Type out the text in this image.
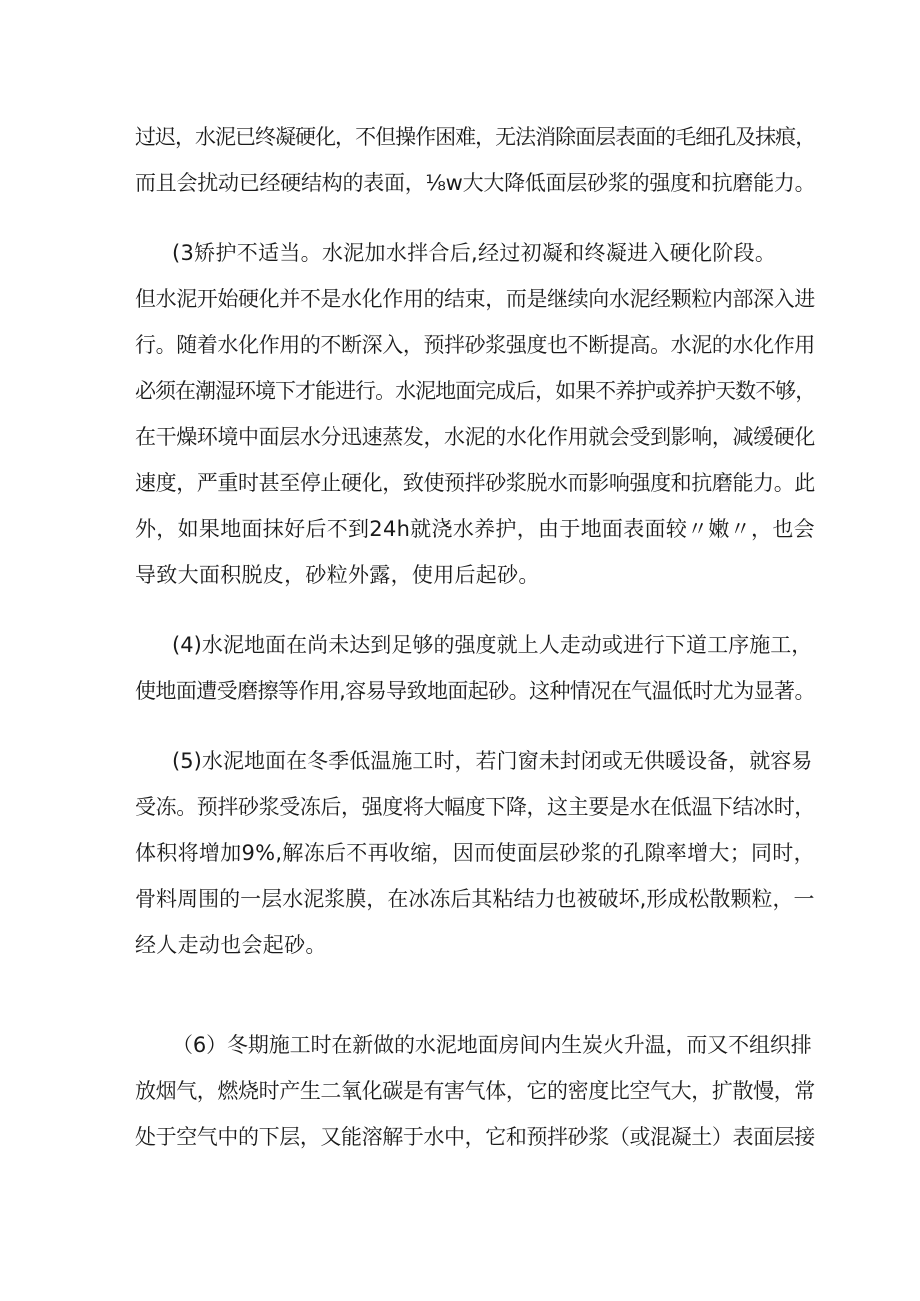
过迟，水泥已终凝硬化，不但操作困难，无法消除面层表面的毛细孔及抹痕，
而且会扰动已经硬结构的表面，⅛w大大降低面层砂浆的强度和抗磨能力。
(3矫护不适当。水泥加水拌合后,经过初凝和终凝进入硬化阶段。
但水泥开始硬化并不是水化作用的结束，而是继续向水泥经颗粒内部深入进
行。随着水化作用的不断深入，预拌砂浆强度也不断提高。水泥的水化作用
必须在潮湿环境下才能进行。水泥地面完成后，如果不养护或养护天数不够，
在干燥环境中面层水分迅速蒸发，水泥的水化作用就会受到影响，减缓硬化
速度，严重时甚至停止硬化，致使预拌砂浆脱水而影响强度和抗磨能力。此
外，如果地面抹好后不到24h就浇水养护，由于地面表面较〃嫩〃，也会
导致大面积脱皮，砂粒外露，使用后起砂。
(4)水泥地面在尚未达到足够的强度就上人走动或进行下道工序施工，
使地面遭受磨擦等作用,容易导致地面起砂。这种情况在气温低时尤为显著。
(5)水泥地面在冬季低温施工时，若门窗未封闭或无供暖设备，就容易
受冻。预拌砂浆受冻后，强度将大幅度下降，这主要是水在低温下结冰时，
体积将增加9%,解冻后不再收缩，因而使面层砂浆的孔隙率增大；同时，
骨料周围的一层水泥浆膜，在冰冻后其粘结力也被破坏,形成松散颗粒，一
经人走动也会起砂。
（6）冬期施工时在新做的水泥地面房间内生炭火升温，而又不组织排
放烟气，燃烧时产生二氧化碳是有害气体，它的密度比空气大，扩散慢，常
处于空气中的下层，又能溶解于水中，它和预拌砂浆（或混凝土）表面层接
